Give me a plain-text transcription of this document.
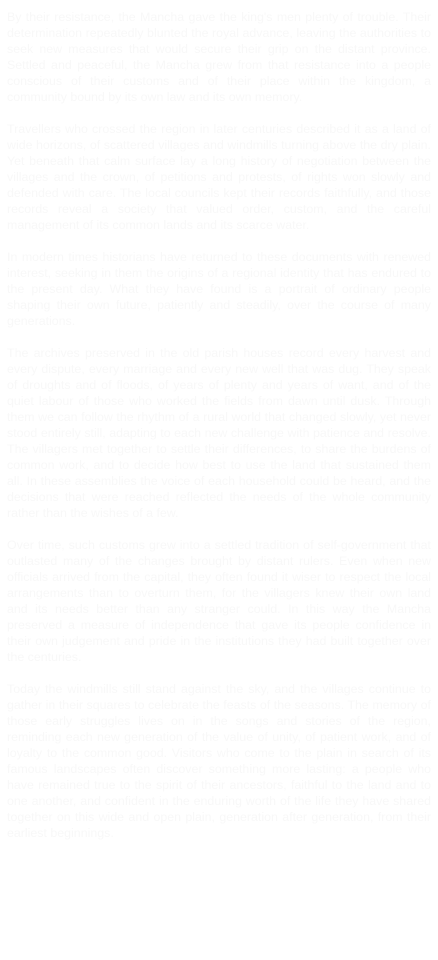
By their resistance, the Mancha gave the king's men plenty of trouble. Their determination repeatedly blunted the royal advance, leaving the authorities to seek new measures that would secure their grip on the distant province. Settled and peaceful, the Mancha grew from that resistance into a people conscious of their customs and of their place within the kingdom, a community bound by its own law and its own memory.

Travellers who crossed the region in later centuries described it as a land of wide horizons, of scattered villages and windmills turning above the dry plain. Yet beneath that calm surface lay a long history of negotiation between the villages and the crown, of petitions and protests, of rights won slowly and defended with care. The local councils kept their records faithfully, and those records reveal a society that valued order, custom, and the careful management of its common lands and its scarce water.

In modern times historians have returned to these documents with renewed interest, seeking in them the origins of a regional identity that has endured to the present day. What they have found is a portrait of ordinary people shaping their own future, patiently and steadily, over the course of many generations.

The archives preserved in the old parish houses record every harvest and every dispute, every marriage and every new well that was dug. They speak of droughts and of floods, of years of plenty and years of want, and of the quiet labour of those who worked the fields from dawn until dusk. Through them we can follow the rhythm of a rural world that changed slowly, yet never stood entirely still, adapting to each new challenge with patience and resolve. The villagers met together to settle their differences, to share the burdens of common work, and to decide how best to use the land that sustained them all. In these assemblies the voice of each household could be heard, and the decisions that were reached reflected the needs of the whole community rather than the wishes of a few.

Over time, such customs grew into a settled tradition of self-government that outlasted many of the changes brought by distant rulers. Even when new officials arrived from the capital, they often found it wiser to respect the local arrangements than to overturn them, for the villagers knew their own land and its needs better than any stranger could. In this way the Mancha preserved a measure of independence that gave its people confidence in their own judgement and pride in the institutions they had built together over the centuries.

Today the windmills still stand against the sky, and the villages continue to gather in their squares to celebrate the feasts of the seasons. The memory of those early struggles lives on in the songs and stories of the region, reminding each new generation of the value of unity, of patient work, and of loyalty to the common good. Visitors who come to the plain in search of its famous landscapes often discover something more lasting: a people who have remained true to the spirit of their ancestors, faithful to the land and to one another, and confident in the enduring worth of the life they have shared together on this wide and open plain, generation after generation, from their earliest beginnings.
